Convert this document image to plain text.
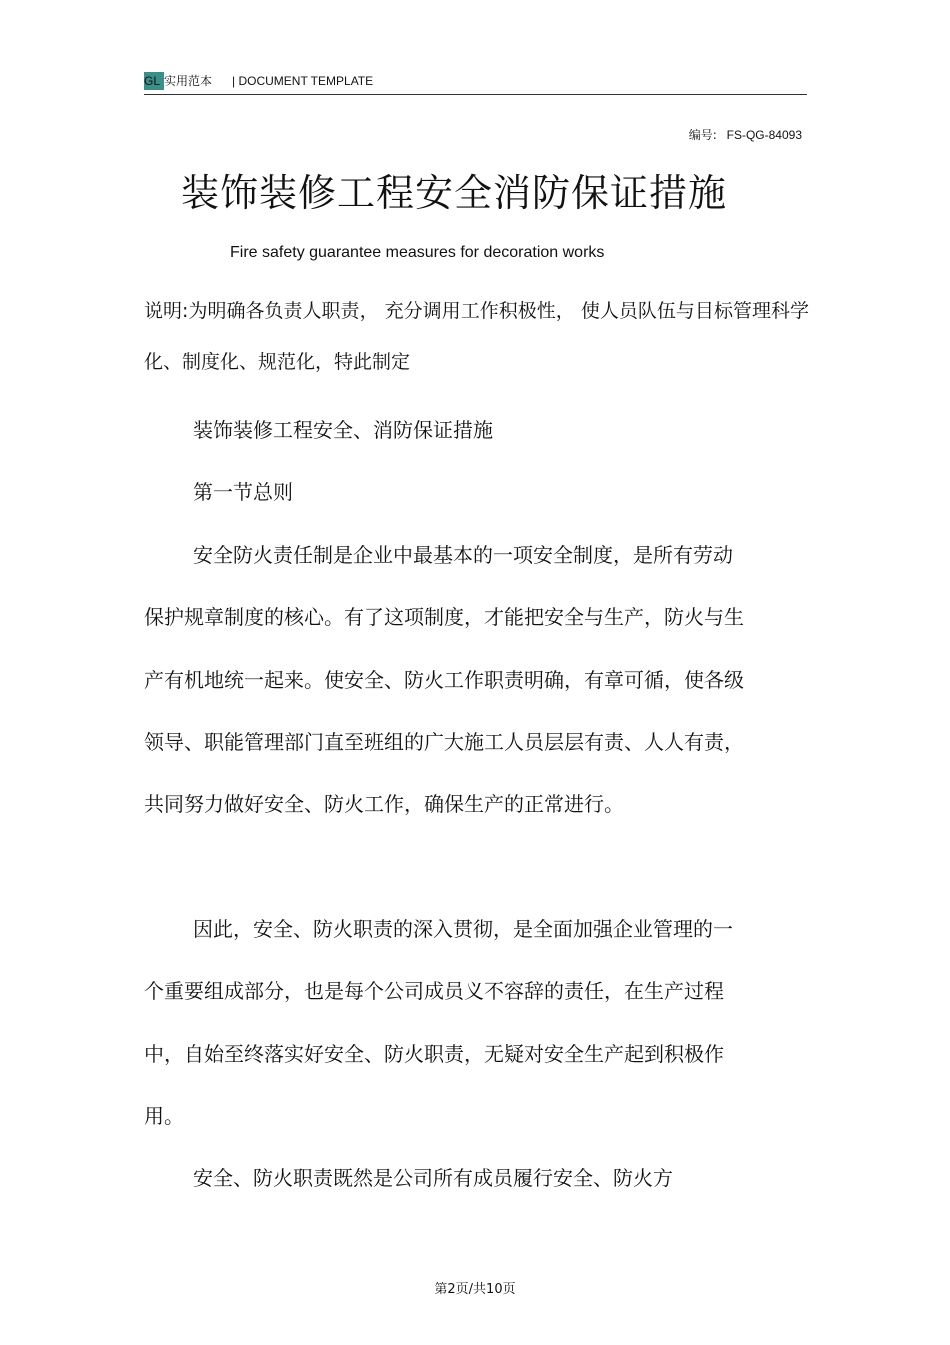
GL 实用范本 | DOCUMENT TEMPLATE
编号: FS-QG-84093
装饰装修工程安全消防保证措施
Fire safety guarantee measures for decoration works
说明:为明确各负责人职责， 充分调用工作积极性， 使人员队伍与目标管理科学化、制度化、规范化，特此制定
装饰装修工程安全、消防保证措施
第一节总则

安全防火责任制是企业中最基本的一项安全制度，是所有劳动保护规章制度的核心。有了这项制度，才能把安全与生产，防火与生产有机地统一起来。使安全、防火工作职责明确，有章可循，使各级领导、职能管理部门直至班组的广大施工人员层层有责、人人有责，共同努力做好安全、防火工作，确保生产的正常进行。

因此，安全、防火职责的深入贯彻，是全面加强企业管理的一个重要组成部分，也是每个公司成员义不容辞的责任，在生产过程中，自始至终落实好安全、防火职责，无疑对安全生产起到积极作用。

安全、防火职责既然是公司所有成员履行安全、防火方

第2页/共10页
